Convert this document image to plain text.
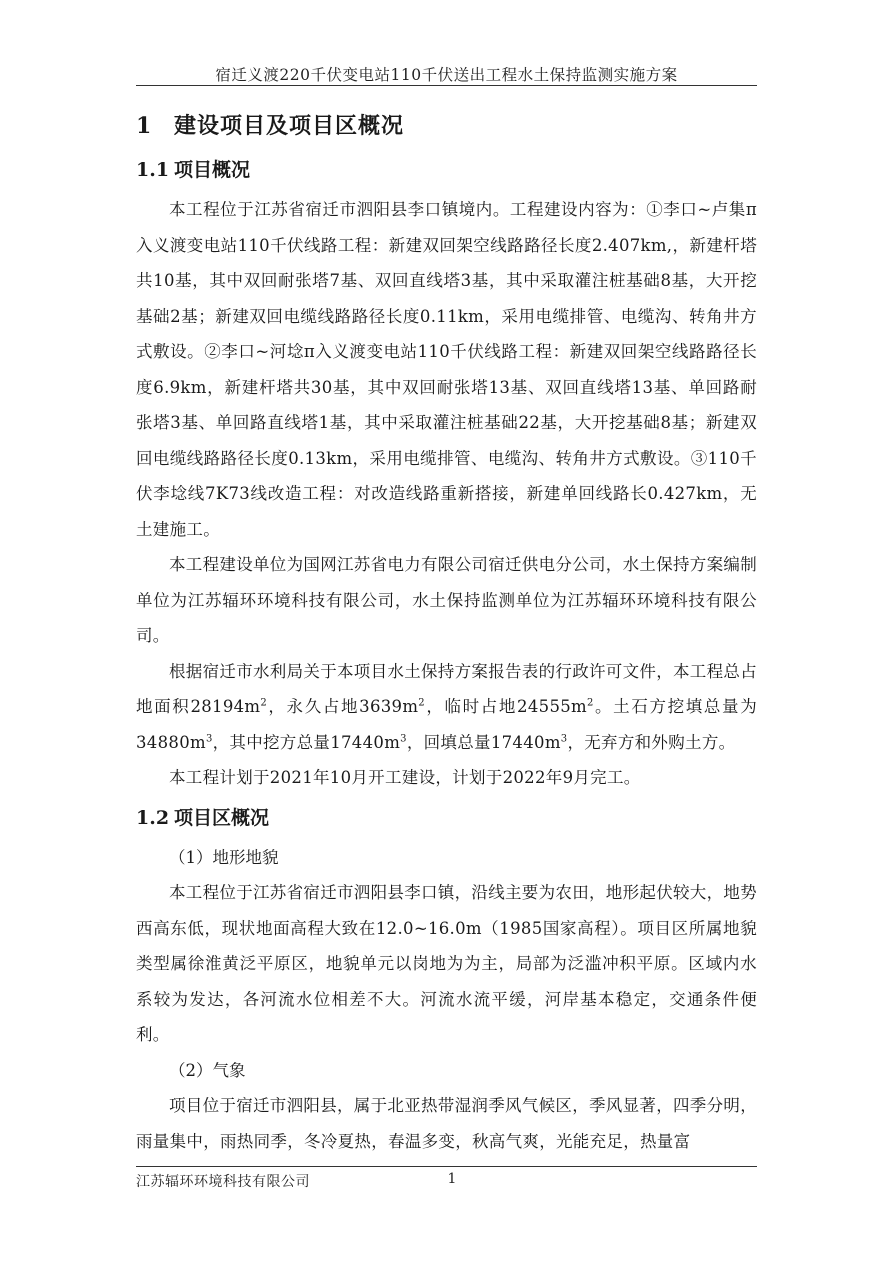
宿迁义渡220千伏变电站110千伏送出工程水土保持监测实施方案
1 建设项目及项目区概况
1.1 项目概况

本工程位于江苏省宿迁市泗阳县李口镇境内。工程建设内容为：①李口~卢集π入义渡变电站110千伏线路工程：新建双回架空线路路径长度2.407km,，新建杆塔共10基，其中双回耐张塔7基、双回直线塔3基，其中采取灌注桩基础8基，大开挖基础2基；新建双回电缆线路路径长度0.11km，采用电缆排管、电缆沟、转角井方式敷设。②李口~河埝π入义渡变电站110千伏线路工程：新建双回架空线路路径长度6.9km，新建杆塔共30基，其中双回耐张塔13基、双回直线塔13基、单回路耐张塔3基、单回路直线塔1基，其中采取灌注桩基础22基，大开挖基础8基；新建双回电缆线路路径长度0.13km，采用电缆排管、电缆沟、转角井方式敷设。③110千伏李埝线7K73线改造工程：对改造线路重新搭接，新建单回线路长0.427km，无土建施工。

本工程建设单位为国网江苏省电力有限公司宿迁供电分公司，水土保持方案编制单位为江苏辐环环境科技有限公司，水土保持监测单位为江苏辐环环境科技有限公司。

根据宿迁市水利局关于本项目水土保持方案报告表的行政许可文件，本工程总占地面积$28194m^2$，永久占地$3639m^2$，临时占地$24555m^2$。土石方挖填总量为$34880m^3$，其中挖方总量$17440m^3$，回填总量$17440m^3$，无弃方和外购土方。

本工程计划于2021年10月开工建设，计划于2022年9月完工。

1.2 项目区概况

（1）地形地貌

本工程位于江苏省宿迁市泗阳县李口镇，沿线主要为农田，地形起伏较大，地势西高东低，现状地面高程大致在12.0~16.0m（1985国家高程）。项目区所属地貌类型属徐淮黄泛平原区，地貌单元以岗地为为主，局部为泛滥冲积平原。区域内水系较为发达，各河流水位相差不大。河流水流平缓，河岸基本稳定，交通条件便利。

（2）气象

项目位于宿迁市泗阳县，属于北亚热带湿润季风气候区，季风显著，四季分明，雨量集中，雨热同季，冬冷夏热，春温多变，秋高气爽，光能充足，热量富

江苏辐环环境科技有限公司	1
